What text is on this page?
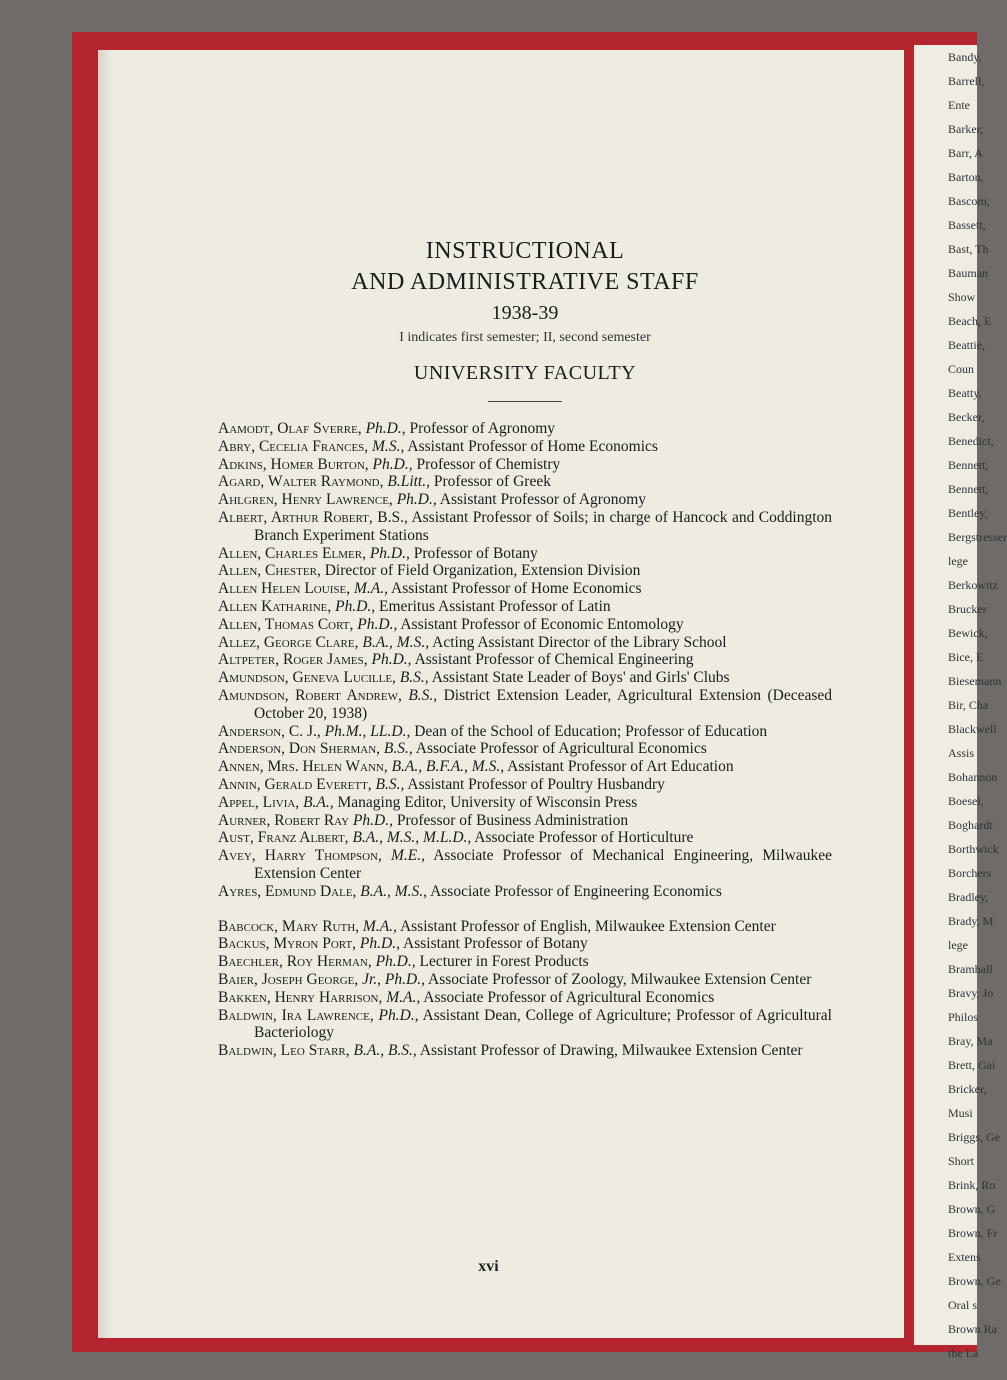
Bandy,
Barrell,
Ente
Barker,
Barr, A
Barton,
Bascom,
Bassett,
Bast, Th
Bauman
Show
Beach, E
Beattie,
Coun
Beatty,
Becker,
Benedict,
Bennett,
Bennett,
Bentley,
Bergstresser
lege
Berkowitz
Brucker
Bewick,
Bice, E
Biesemann
Bir, Cha
Blackwell
Assis
Bohannon
Boesel,
Boghardt
Borthwick
Borchers
Bradley,
Brady, M
lege
Bramhall
Bravy, Jo
Philos
Bray, Ma
Brett, Gai
Bricker,
Musi
Briggs, Ge
Short
Brink, Ro
Brown, G
Brown, Fr
Extens
Brown, Ge
Oral s
Brown Ra
the La
INSTRUCTIONAL
AND ADMINISTRATIVE STAFF
1938-39
I indicates first semester; II, second semester
UNIVERSITY FACULTY
Aamodt, Olaf Sverre, Ph.D., Professor of Agronomy
Abry, Cecelia Frances, M.S., Assistant Professor of Home Economics
Adkins, Homer Burton, Ph.D., Professor of Chemistry
Agard, Walter Raymond, B.Litt., Professor of Greek
Ahlgren, Henry Lawrence, Ph.D., Assistant Professor of Agronomy
Albert, Arthur Robert, B.S., Assistant Professor of Soils; in charge of Hancock and Coddington Branch Experiment Stations
Allen, Charles Elmer, Ph.D., Professor of Botany
Allen, Chester, Director of Field Organization, Extension Division
Allen Helen Louise, M.A., Assistant Professor of Home Economics
Allen Katharine, Ph.D., Emeritus Assistant Professor of Latin
Allen, Thomas Cort, Ph.D., Assistant Professor of Economic Entomology
Allez, George Clare, B.A., M.S., Acting Assistant Director of the Library School
Altpeter, Roger James, Ph.D., Assistant Professor of Chemical Engineering
Amundson, Geneva Lucille, B.S., Assistant State Leader of Boys' and Girls' Clubs
Amundson, Robert Andrew, B.S., District Extension Leader, Agricultural Extension (Deceased October 20, 1938)
Anderson, C. J., Ph.M., LL.D., Dean of the School of Education; Professor of Education
Anderson, Don Sherman, B.S., Associate Professor of Agricultural Economics
Annen, Mrs. Helen Wann, B.A., B.F.A., M.S., Assistant Professor of Art Education
Annin, Gerald Everett, B.S., Assistant Professor of Poultry Husbandry
Appel, Livia, B.A., Managing Editor, University of Wisconsin Press
Aurner, Robert Ray Ph.D., Professor of Business Administration
Aust, Franz Albert, B.A., M.S., M.L.D., Associate Professor of Horticulture
Avey, Harry Thompson, M.E., Associate Professor of Mechanical Engineering, Milwaukee Extension Center
Ayres, Edmund Dale, B.A., M.S., Associate Professor of Engineering Economics
Babcock, Mary Ruth, M.A., Assistant Professor of English, Milwaukee Extension Center
Backus, Myron Port, Ph.D., Assistant Professor of Botany
Baechler, Roy Herman, Ph.D., Lecturer in Forest Products
Baier, Joseph George, Jr., Ph.D., Associate Professor of Zoology, Milwaukee Extension Center
Bakken, Henry Harrison, M.A., Associate Professor of Agricultural Economics
Baldwin, Ira Lawrence, Ph.D., Assistant Dean, College of Agriculture; Professor of Agricultural Bacteriology
Baldwin, Leo Starr, B.A., B.S., Assistant Professor of Drawing, Milwaukee Extension Center
xvi
